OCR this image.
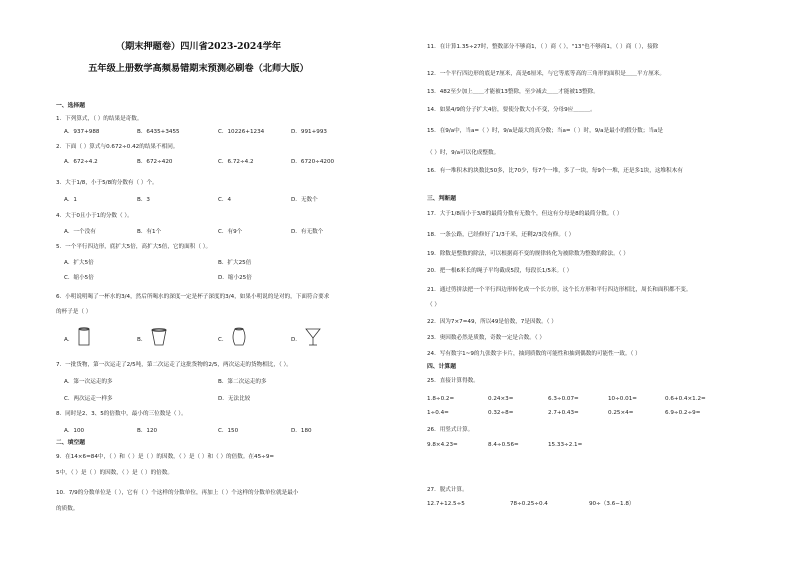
（期末押题卷）四川省2023-2024学年
五年级上册数学高频易错期末预测必刷卷（北师大版）
一、选择题
1．下列算式，（ ）的结果是奇数。
A．937+988	B．6435+3455	C．10226+1234	D．991+993
2．下面（ ）算式与0.672÷0.42的结果不相同。
A．672÷4.2	B．672÷420	C．6.72÷4.2	D．6720÷4200
3．大于1/8，小于5/8的分数有（ ）个。
A．1	B．3	C．4	D．无数个
4．大于0且小于1的分数（ ）。
A．一个没有	B．有1个	C．有9个	D．有无数个
5．一个平行四边形，底扩大5倍，高扩大5倍，它的面积（ ）。
A．扩大5倍	B．扩大25倍
C．缩小5倍	D．缩小25倍
6．小明说明喝了一杯水的3/4，然后所喝水的深度一定是杯子深度的3/4，如果小明说的是对的，下面符合要求
的杯子是（ ）
A．	B．	C．	D．
7．一批货物，第一次运走了2/5吨，第二次运走了这批货物的2/5，两次运走的货物相比，（ ）。
A．第一次运走的多	B．第二次运走的多
C．两次运走一样多	D．无法比较
8．同时是2、3、5的倍数中，最小的三位数是（ ）。
A．100	B．120	C．150	D．180
二、填空题
9．在14×6=84中，（ ）和（ ）是（ ）的因数，（ ）是（ ）和（ ）的倍数。在45÷9=
5中，（ ）是（ ）的因数，（ ）是（ ）的倍数。
10．7/9的分数单位是（ ），它有（ ）个这样的分数单位，再加上（ ）个这样的分数单位就是最小
的质数。
11．在计算1.35÷27时，整数部分不够商1，（ ）商（ ），"13"也不够商1，（ ）商（ ），接除
12．一个平行四边形的底是7厘米，高是6厘米，与它等底等高的三角形的面积是＿＿平方厘米。
13．482至少加上＿＿才能被13整除，至少减去＿＿才能被13整除。
14．如果4/9的分子扩大4倍，要使分数大小不变，分母9应＿＿＿。
15．在9/a中，当a=（ ）时，9/a是最大的真分数；当a=（ ）时，9/a是最小的假分数；当a是
（ ）时，9/a可以化成整数。
16．有一堆积木的块数比50多，比70少，每7个一堆，多了一块，每9个一堆，还是多1块，这堆积木有
三、判断题
17．大于1/8而小于3/8的最简分数有无数个，但这有分母是8的最简分数。（ ）
18．一条公路，已经修好了1/3千米，还剩2/3没有修。（ ）
19．除数是整数的除法，可以根据商不变的规律转化为被除数为整数的除法。（ ）
20．把一根6米长的绳子平均截成5段，每段长1/5米。（ ）
21．通过剪拼法把一个平行四边形转化成一个长方形，这个长方形和平行四边形相比，周长和面积都不变。
（ ）
22．因为7×7=49，所以49是倍数，7是因数。（ ）
23．奥因数必然是质数，奇数一定是合数。（ ）
24．写有数字1~9的九张数字卡片，抽到质数的可能性和抽到偶数的可能性一致。（ ）
四、计算题
25．直接计算得数。
1.8÷0.2=	0.24×3=	6.3÷0.07=	10÷0.01=	0.6+0.4×1.2=
1÷0.4=	0.32÷8=	2.7+0.43=	0.25×4=	6.9÷0.2÷9=
26．用竖式计算。
9.8×4.23=	8.4÷0.56=	15.33÷2.1=
27．脱式计算。
12.7+12.5÷5	78÷0.25÷0.4	90÷（3.6−1.8）
